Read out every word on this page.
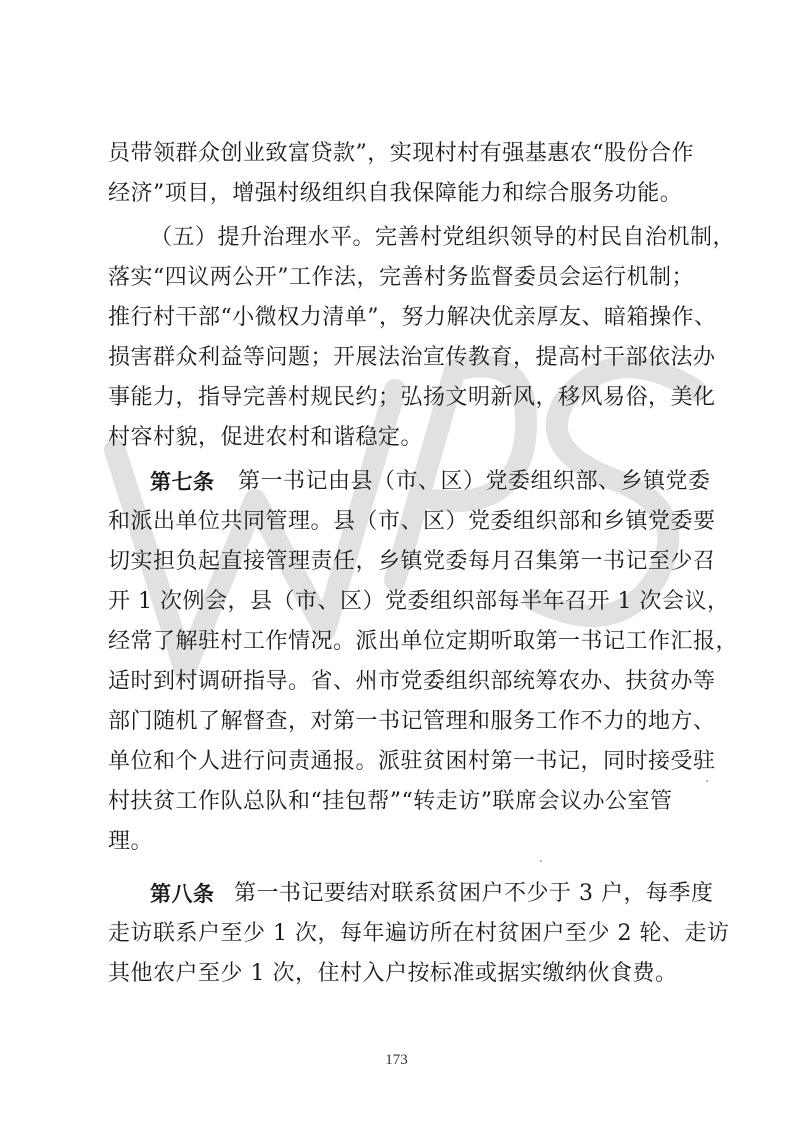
员带领群众创业致富贷款”，实现村村有强基惠农“股份合作
经济”项目，增强村级组织自我保障能力和综合服务功能。
（五）提升治理水平。完善村党组织领导的村民自治机制，
落实“四议两公开”工作法，完善村务监督委员会运行机制；
推行村干部“小微权力清单”，努力解决优亲厚友、暗箱操作、
损害群众利益等问题；开展法治宣传教育，提高村干部依法办
事能力，指导完善村规民约；弘扬文明新风，移风易俗，美化
村容村貌，促进农村和谐稳定。
第七条	第一书记由县（市、区）党委组织部、乡镇党委
和派出单位共同管理。县（市、区）党委组织部和乡镇党委要
切实担负起直接管理责任，乡镇党委每月召集第一书记至少召
开 1 次例会，县（市、区）党委组织部每半年召开 1 次会议，
经常了解驻村工作情况。派出单位定期听取第一书记工作汇报，
适时到村调研指导。省、州市党委组织部统筹农办、扶贫办等
部门随机了解督查，对第一书记管理和服务工作不力的地方、
单位和个人进行问责通报。派驻贫困村第一书记，同时接受驻
村扶贫工作队总队和“挂包帮”“转走访”联席会议办公室管
理。
第八条 第一书记要结对联系贫困户不少于 3 户，每季度
走访联系户至少 1 次，每年遍访所在村贫困户至少 2 轮、走访
其他农户至少 1 次，住村入户按标准或据实缴纳伙食费。
173
